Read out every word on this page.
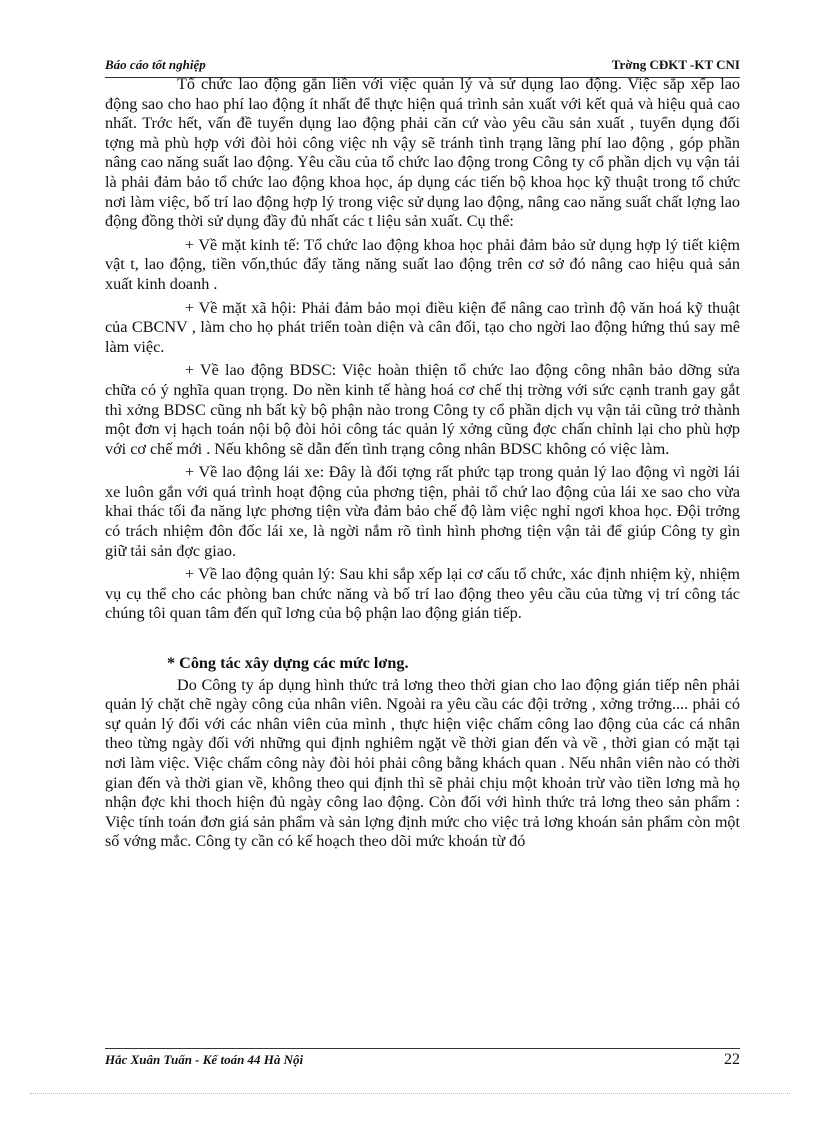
Báo cáo tốt nghiệp	Trờng CĐKT -KT CNI

Tổ chức lao động gắn liền với việc quản lý và sử dụng lao động. Việc sắp xếp lao động sao cho hao phí lao động ít nhất để thực hiện quá trình sản xuất với kết quả và hiệu quả cao nhất. Trớc hết, vấn đề tuyển dụng lao động phải căn cứ vào yêu cầu sản xuất , tuyển dụng đối tợng mà phù hợp với đòi hỏi công việc nh vậy sẽ tránh tình trạng lãng phí lao động , góp phần nâng cao năng suất lao động. Yêu cầu của tổ chức lao động trong Công ty cổ phần dịch vụ vận tải là phải đảm bảo tổ chức lao động khoa học, áp dụng các tiến bộ khoa học kỹ thuật trong tổ chức nơi làm việc, bố trí lao động hợp lý trong việc sử dụng lao động, nâng cao năng suất chất lợng lao động đồng thời sử dụng đầy đủ nhất các t liệu sản xuất. Cụ thể:

+ Về mặt kinh tế: Tổ chức lao động khoa học phải đảm bảo sử dụng hợp lý tiết kiệm vật t, lao động, tiền vốn,thúc đẩy tăng năng suất lao động trên cơ sở đó nâng cao hiệu quả sản xuất kinh doanh .

+ Về mặt xã hội: Phải đảm bảo mọi điều kiện để nâng cao trình độ văn hoá kỹ thuật của CBCNV , làm cho họ phát triển toàn diện và cân đối, tạo cho ngời lao động hứng thú say mê làm việc.

+ Về lao động BDSC: Việc hoàn thiện tổ chức lao động công nhân bảo dỡng sửa chữa có ý nghĩa quan trọng. Do nền kinh tế hàng hoá cơ chế thị trờng với sức cạnh tranh gay gắt thì xởng BDSC cũng nh bất kỳ bộ phận nào trong Công ty cổ phần dịch vụ vận tải cũng trở thành một đơn vị hạch toán nội bộ đòi hỏi công tác quản lý xởng cũng đợc chấn chỉnh lại cho phù hợp với cơ chế mới . Nếu không sẽ dẫn đến tình trạng công nhân BDSC không có việc làm.

+ Về lao động lái xe: Đây là đối tợng rất phức tạp trong quản lý lao động vì ngời lái xe luôn gắn với quá trình hoạt động của phơng tiện, phải tổ chứ lao động của lái xe sao cho vừa khai thác tối đa năng lực phơng tiện vừa đảm bảo chế độ làm việc nghỉ ngơi khoa học. Đội trởng có trách nhiệm đôn đốc lái xe, là ngời nắm rõ tình hình phơng tiện vận tải để giúp Công ty gìn giữ tải sản đợc giao.

+ Về lao động quản lý: Sau khi sắp xếp lại cơ cấu tổ chức, xác định nhiệm kỳ, nhiệm vụ cụ thể cho các phòng ban chức năng và bố trí lao động theo yêu cầu của từng vị trí công tác chúng tôi quan tâm đến quĩ lơng của bộ phận lao động gián tiếp.

* Công tác xây dựng các mức lơng.

Do Công ty áp dụng hình thức trả lơng theo thời gian cho lao động gián tiếp nên phải quản lý chặt chẽ ngày công của nhân viên. Ngoài ra yêu cầu các đội trởng , xởng trởng.... phải có sự quản lý đối với các nhân viên của mình , thực hiện việc chấm công lao động của các cá nhân theo từng ngày đối với những qui định nghiêm ngặt về thời gian đến và về , thời gian có mặt tại nơi làm việc. Việc chấm công này đòi hỏi phải công bằng khách quan . Nếu nhân viên nào có thời gian đến và thời gian về, không theo qui định thì sẽ phải chịu một khoản trừ vào tiền lơng mà họ nhận đợc khi thoch hiện đủ ngày công lao động. Còn đối với hình thức trả lơng theo sản phẩm : Việc tính toán đơn giá sản phẩm và sản lợng định mức cho việc trả lơng khoán sản phẩm còn một số vớng mắc. Công ty cần có kế hoạch theo dõi mức khoán từ đó

Hắc Xuân Tuấn - Kế toán 44 Hà Nội	22
